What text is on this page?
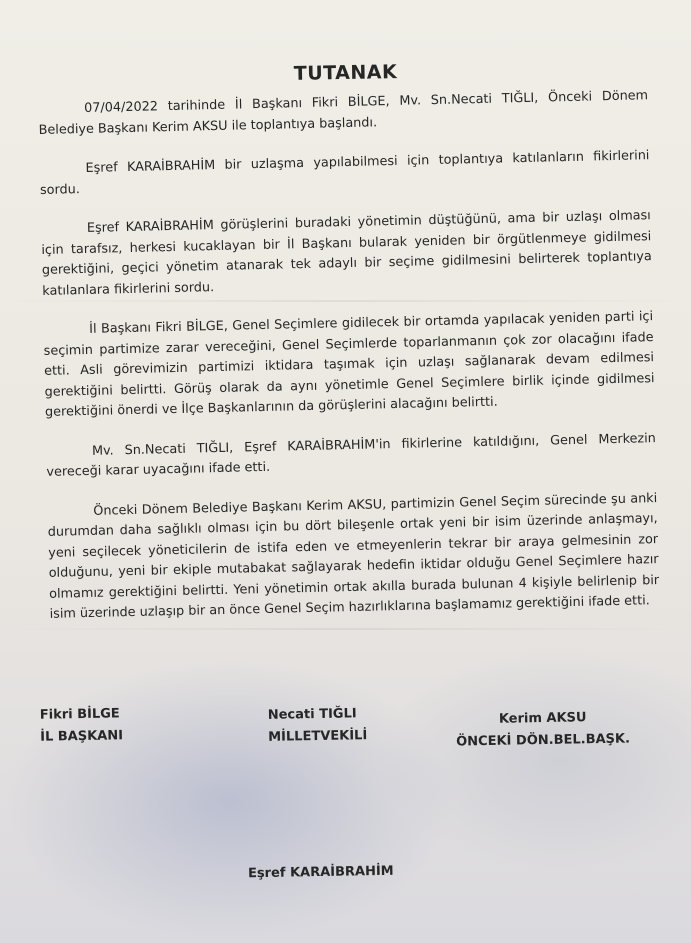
TUTANAK

07/04/2022 tarihinde İl Başkanı Fikri BİLGE, Mv. Sn.Necati TIĞLI, Önceki Dönem Belediye Başkanı Kerim AKSU ile toplantıya başlandı.

Eşref KARAİBRAHİM bir uzlaşma yapılabilmesi için toplantıya katılanların fikirlerini sordu.

Eşref KARAİBRAHİM görüşlerini buradaki yönetimin düştüğünü, ama bir uzlaşı olması için tarafsız, herkesi kucaklayan bir İl Başkanı bularak yeniden bir örgütlenmeye gidilmesi gerektiğini, geçici yönetim atanarak tek adaylı bir seçime gidilmesini belirterek toplantıya katılanlara fikirlerini sordu.

İl Başkanı Fikri BİLGE, Genel Seçimlere gidilecek bir ortamda yapılacak yeniden parti içi seçimin partimize zarar vereceğini, Genel Seçimlerde toparlanmanın çok zor olacağını ifade etti. Asli görevimizin partimizi iktidara taşımak için uzlaşı sağlanarak devam edilmesi gerektiğini belirtti. Görüş olarak da aynı yönetimle Genel Seçimlere birlik içinde gidilmesi gerektiğini önerdi ve İlçe Başkanlarının da görüşlerini alacağını belirtti.

Mv. Sn.Necati TIĞLI, Eşref KARAİBRAHİM'in fikirlerine katıldığını, Genel Merkezin vereceği karar uyacağını ifade etti.

Önceki Dönem Belediye Başkanı Kerim AKSU, partimizin Genel Seçim sürecinde şu anki durumdan daha sağlıklı olması için bu dört bileşenle ortak yeni bir isim üzerinde anlaşmayı, yeni seçilecek yöneticilerin de istifa eden ve etmeyenlerin tekrar bir araya gelmesinin zor olduğunu, yeni bir ekiple mutabakat sağlayarak hedefin iktidar olduğu Genel Seçimlere hazır olmamız gerektiğini belirtti. Yeni yönetimin ortak akılla burada bulunan 4 kişiyle belirlenip bir isim üzerinde uzlaşıp bir an önce Genel Seçim hazırlıklarına başlamamız gerektiğini ifade etti.

Fikri BİLGE
İL BAŞKANI
Necati TIĞLI
MİLLETVEKİLİ
Kerim AKSU
ÖNCEKİ DÖN.BEL.BAŞK.
Eşref KARAİBRAHİM
